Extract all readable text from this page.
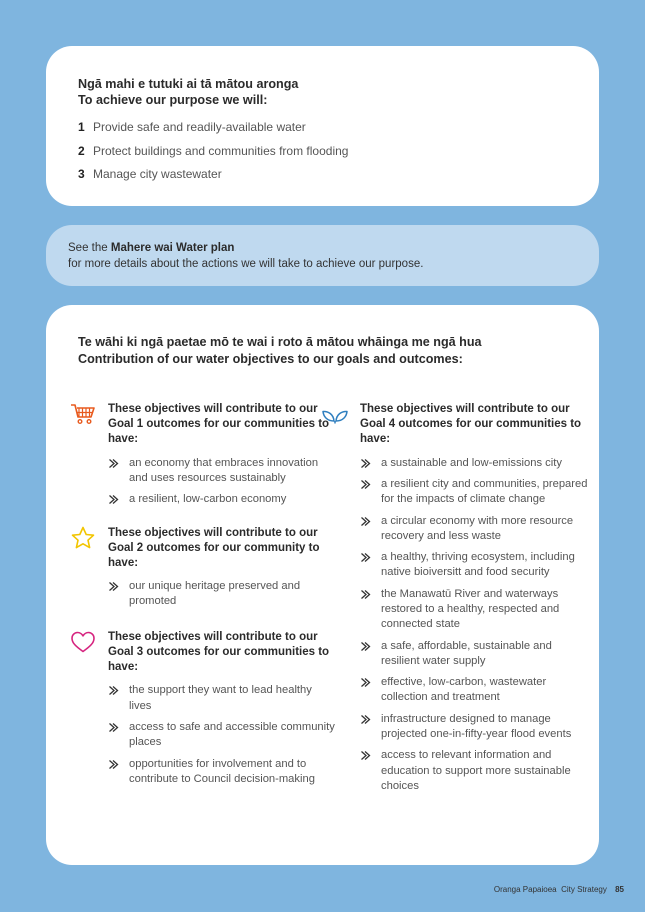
Ngā mahi e tutuki ai tā mātou aronga
To achieve our purpose we will:
1 Provide safe and readily-available water
2 Protect buildings and communities from flooding
3 Manage city wastewater
See the Mahere wai Water plan
for more details about the actions we will take to achieve our purpose.
Te wāhi ki ngā paetae mō te wai i roto ā mātou whāinga me ngā hua
Contribution of our water objectives to our goals and outcomes:
These objectives will contribute to our Goal 1 outcomes for our communities to have:
an economy that embraces innovation and uses resources sustainably
a resilient, low-carbon economy
These objectives will contribute to our Goal 2 outcomes for our community to have:
our unique heritage preserved and promoted
These objectives will contribute to our Goal 3 outcomes for our communities to have:
the support they want to lead healthy lives
access to safe and accessible community places
opportunities for involvement and to contribute to Council decision-making
These objectives will contribute to our Goal 4 outcomes for our communities to have:
a sustainable and low-emissions city
a resilient city and communities, prepared for the impacts of climate change
a circular economy with more resource recovery and less waste
a healthy, thriving ecosystem, including native bioiversitt and food security
the Manawatū River and waterways restored to a healthy, respected and connected state
a safe, affordable, sustainable and resilient water supply
effective, low-carbon, wastewater collection and treatment
infrastructure designed to manage projected one-in-fifty-year flood events
access to relevant information and education to support more sustainable choices
Oranga Papaioea City Strategy 85
